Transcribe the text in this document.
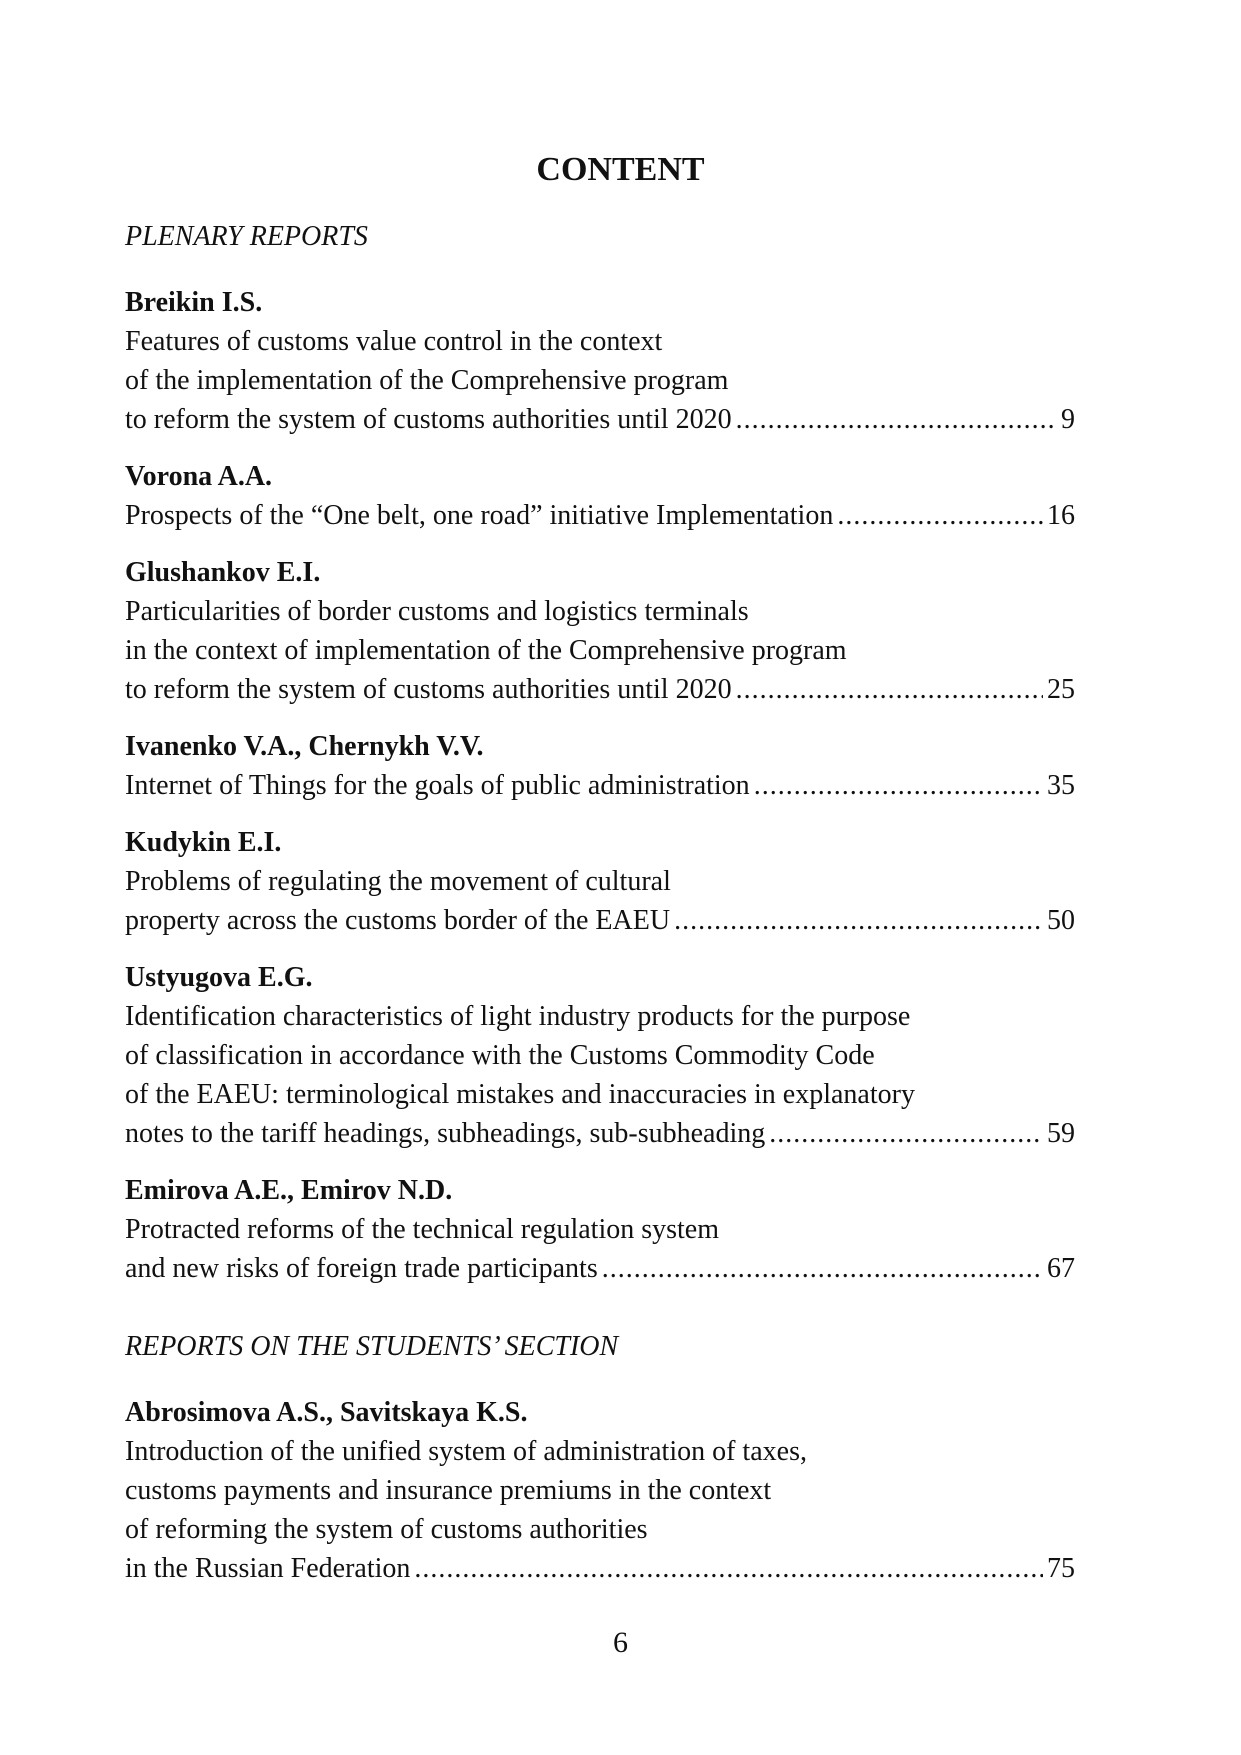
CONTENT
PLENARY REPORTS
Breikin I.S.
Features of customs value control in the context
of the implementation of the Comprehensive program
to reform the system of customs authorities until 2020 .....	9
Vorona A.A.
Prospects of the “One belt, one road” initiative Implementation .....	16
Glushankov E.I.
Particularities of border customs and logistics terminals
in the context of implementation of the Comprehensive program
to reform the system of customs authorities until 2020 .....	25
Ivanenko V.A., Chernykh V.V.
Internet of Things for the goals of public administration .....	35
Kudykin E.I.
Problems of regulating the movement of cultural
property across the customs border of the EAEU .....	50
Ustyugova E.G.
Identification characteristics of light industry products for the purpose
of classification in accordance with the Customs Commodity Code
of the EAEU: terminological mistakes and inaccuracies in explanatory
notes to the tariff headings, subheadings, sub-subheading .....	59
Emirova A.E., Emirov N.D.
Protracted reforms of the technical regulation system
and new risks of foreign trade participants .....	67
REPORTS ON THE STUDENTS’ SECTION
Abrosimova A.S., Savitskaya K.S.
Introduction of the unified system of administration of taxes,
customs payments and insurance premiums in the context
of reforming the system of customs authorities
in the Russian Federation .....	75
6
